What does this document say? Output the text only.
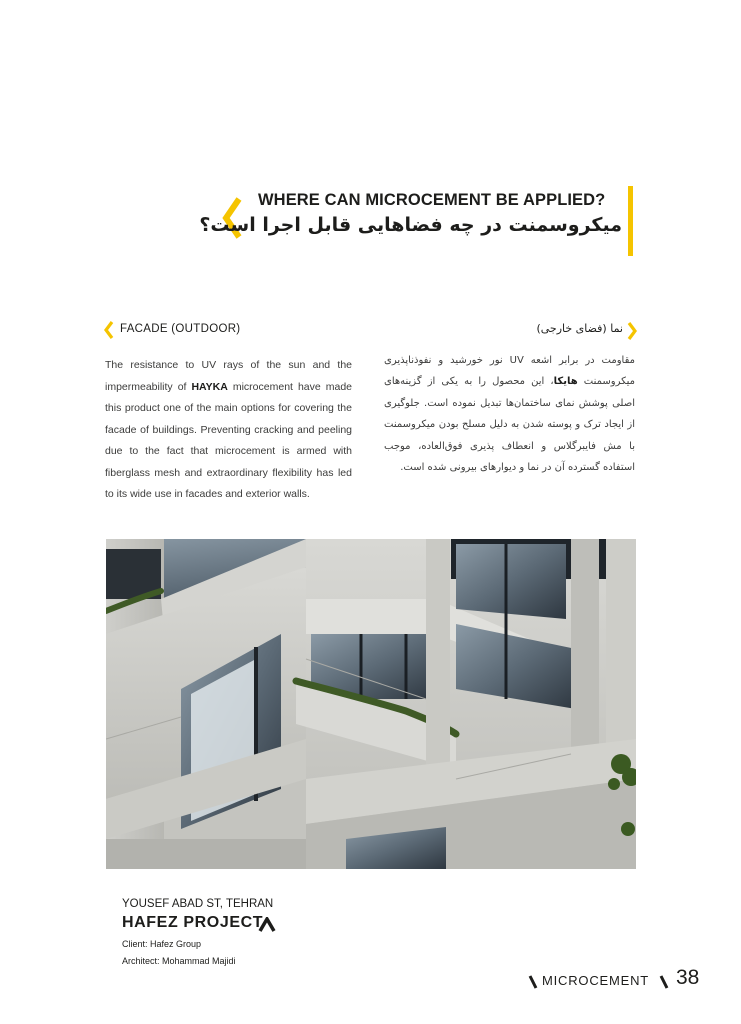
WHERE CAN MICROCEMENT BE APPLIED?
میکروسمنت در چه فضاهایی قابل اجرا است؟
FACADE (OUTDOOR)	نما (فضای خارجی)
The resistance to UV rays of the sun and the impermeability of HAYKA microcement have made this product one of the main options for covering the facade of buildings. Preventing cracking and peeling due to the fact that microcement is armed with fiberglass mesh and extraordinary flexibility has led to its wide use in facades and exterior walls.
مقاومت در برابر اشعه UV نور خورشید و نفوذناپذیری میکروسمنت هایکا، این محصول را به یکی از گزینه‌های اصلی پوشش نمای ساختمان‌ها تبدیل نموده است. جلوگیری از ایجاد ترک و پوسته شدن به دلیل مسلح بودن میکروسمنت با مش فایبرگلاس و انعطاف پذیری فوق‌العاده، موجب استفاده گسترده آن در نما و دیوارهای بیرونی شده است.
YOUSEF ABAD ST, TEHRAN
HAFEZ PROJECT
Client: Hafez Group
Architect: Mohammad Majidi
MICROCEMENT 38
